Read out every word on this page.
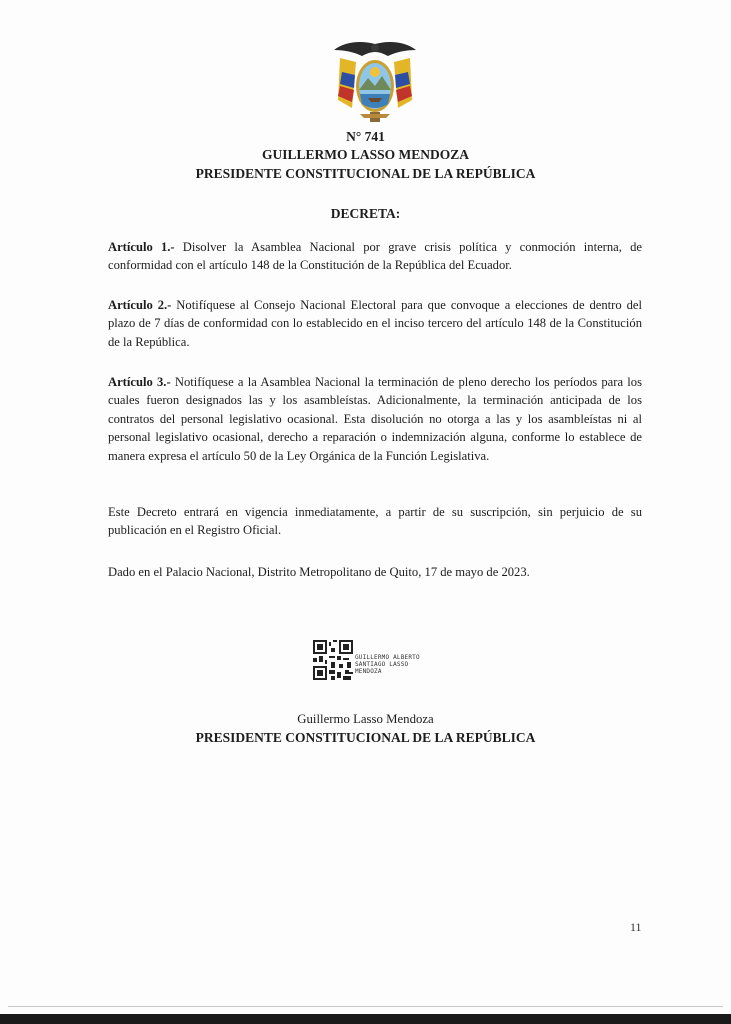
N° 741
GUILLERMO LASSO MENDOZA
PRESIDENTE CONSTITUCIONAL DE LA REPÚBLICA
DECRETA:
Artículo 1.- Disolver la Asamblea Nacional por grave crisis política y conmoción interna, de conformidad con el artículo 148 de la Constitución de la República del Ecuador.
Artículo 2.- Notifíquese al Consejo Nacional Electoral para que convoque a elecciones de dentro del plazo de 7 días de conformidad con lo establecido en el inciso tercero del artículo 148 de la Constitución de la República.
Artículo 3.- Notifíquese a la Asamblea Nacional la terminación de pleno derecho los períodos para los cuales fueron designados las y los asambleístas. Adicionalmente, la terminación anticipada de los contratos del personal legislativo ocasional. Esta disolución no otorga a las y los asambleístas ni al personal legislativo ocasional, derecho a reparación o indemnización alguna, conforme lo establece de manera expresa el artículo 50 de la Ley Orgánica de la Función Legislativa.
Este Decreto entrará en vigencia inmediatamente, a partir de su suscripción, sin perjuicio de su publicación en el Registro Oficial.
Dado en el Palacio Nacional, Distrito Metropolitano de Quito, 17 de mayo de 2023.
GUILLERMO ALBERTO
SANTIAGO LASSO
MENDOZA
Guillermo Lasso Mendoza
PRESIDENTE CONSTITUCIONAL DE LA REPÚBLICA
11
